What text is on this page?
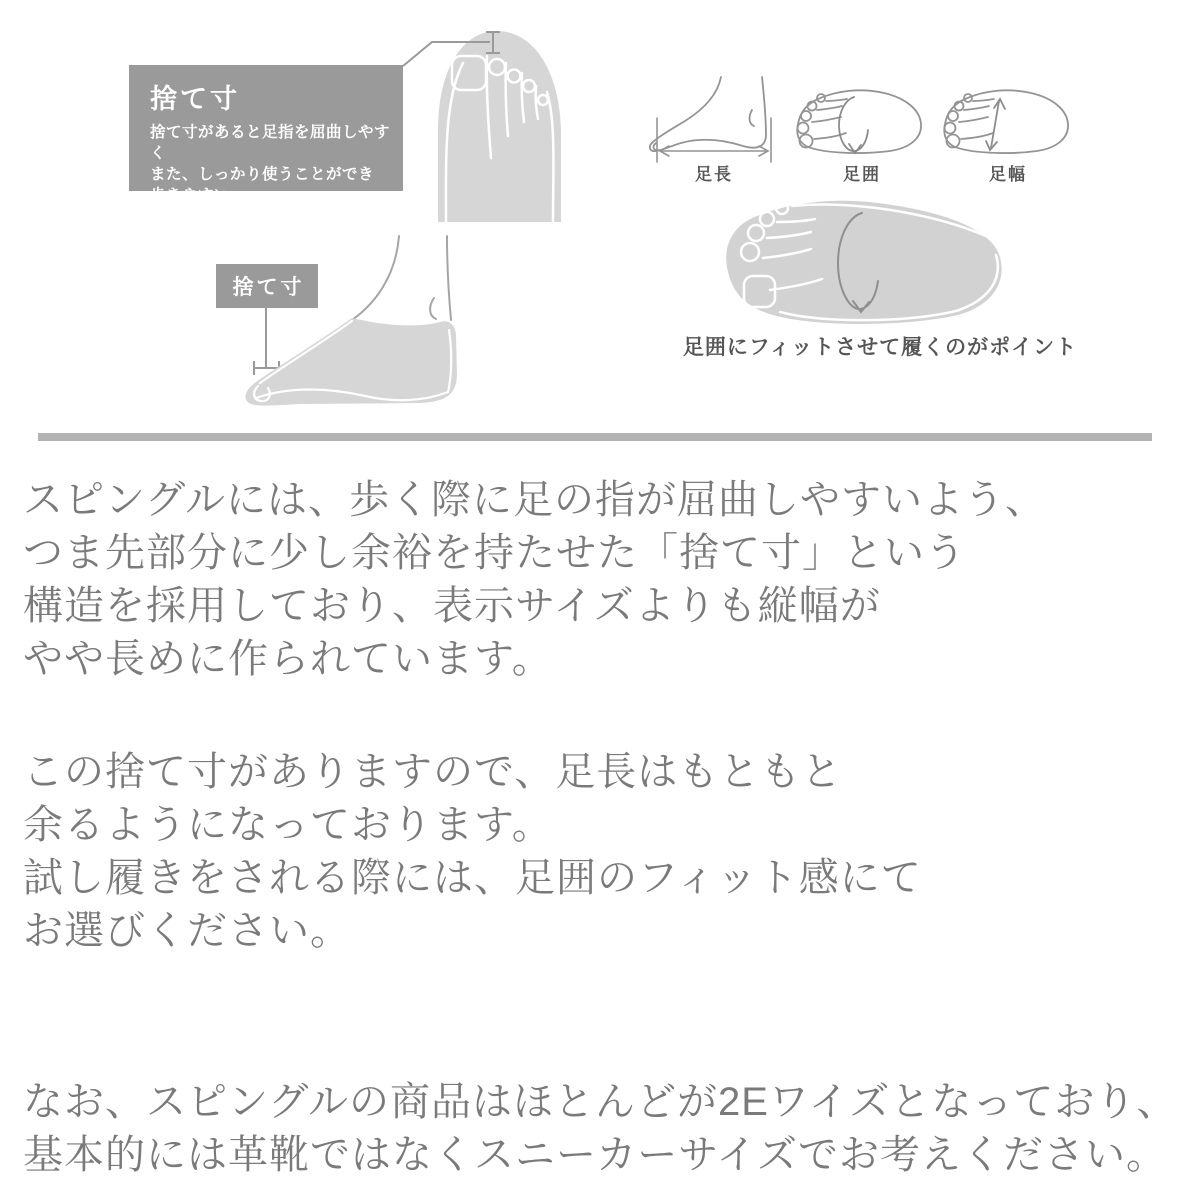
捨て寸
捨て寸があると足指を屈曲しやすく
また、しっかり使うことができ
歩きやすい。
捨て寸
足長	足囲	足幅
足囲にフィットさせて履くのがポイント
スピングルには、歩く際に足の指が屈曲しやすいよう、
つま先部分に少し余裕を持たせた「捨て寸」という
構造を採用しており、表示サイズよりも縦幅が
やや長めに作られています。
この捨て寸がありますので、足長はもともと
余るようになっております。
試し履きをされる際には、足囲のフィット感にて
お選びください。
なお、スピングルの商品はほとんどが2Eワイズとなっており、
基本的には革靴ではなくスニーカーサイズでお考えください。
